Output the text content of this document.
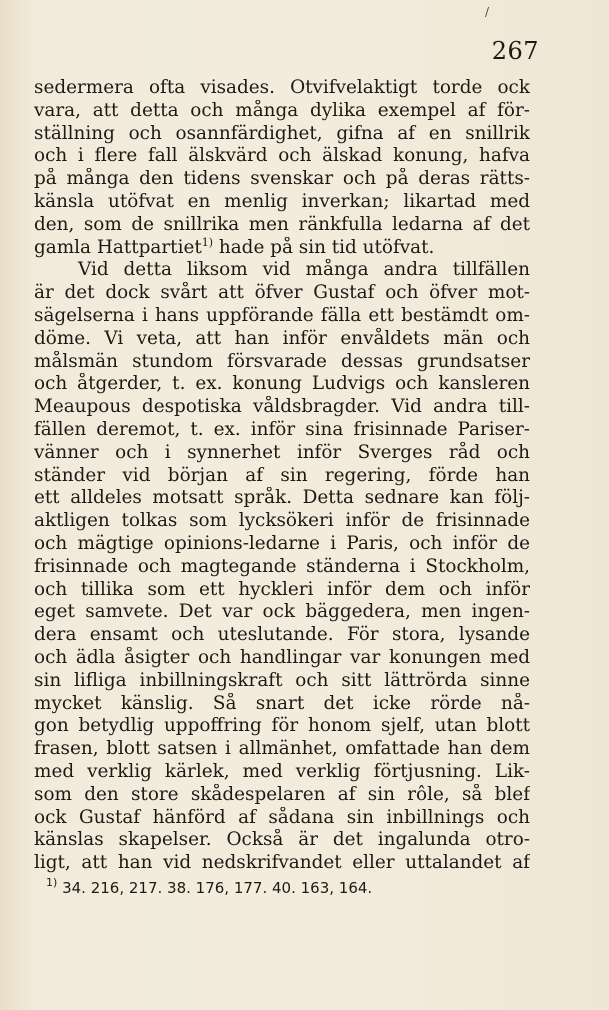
/
267
sedermera ofta visades. Otvifvelaktigt torde ock
vara, att detta och många dylika exempel af för-
ställning och osannfärdighet, gifna af en snillrik
och i flere fall älskvärd och älskad konung, hafva
på många den tidens svenskar och på deras rätts-
känsla utöfvat en menlig inverkan; likartad med
den, som de snillrika men ränkfulla ledarna af det
gamla Hattpartiet$^{1)}$ hade på sin tid utöfvat.
Vid detta liksom vid många andra tillfällen
är det dock svårt att öfver Gustaf och öfver mot-
sägelserna i hans uppförande fälla ett bestämdt om-
döme. Vi veta, att han inför envåldets män och
målsmän stundom försvarade dessas grundsatser
och åtgerder, t. ex. konung Ludvigs och kansleren
Meaupous despotiska våldsbragder. Vid andra till-
fällen deremot, t. ex. inför sina frisinnade Pariser-
vänner och i synnerhet inför Sverges råd och
ständer vid början af sin regering, förde han
ett alldeles motsatt språk. Detta sednare kan följ-
aktligen tolkas som lycksökeri inför de frisinnade
och mägtige opinions-ledarne i Paris, och inför de
frisinnade och magtegande ständerna i Stockholm,
och tillika som ett hyckleri inför dem och inför
eget samvete. Det var ock bäggedera, men ingen-
dera ensamt och uteslutande. För stora, lysande
och ädla åsigter och handlingar var konungen med
sin lifliga inbillningskraft och sitt lättrörda sinne
mycket känslig. Så snart det icke rörde nå-
gon betydlig uppoffring för honom sjelf, utan blott
frasen, blott satsen i allmänhet, omfattade han dem
med verklig kärlek, med verklig förtjusning. Lik-
som den store skådespelaren af sin rôle, så blef
ock Gustaf hänförd af sådana sin inbillnings och
känslas skapelser. Också är det ingalunda otro-
ligt, att han vid nedskrifvandet eller uttalandet af
$^{1)}$ 34. 216, 217. 38. 176, 177. 40. 163, 164.
